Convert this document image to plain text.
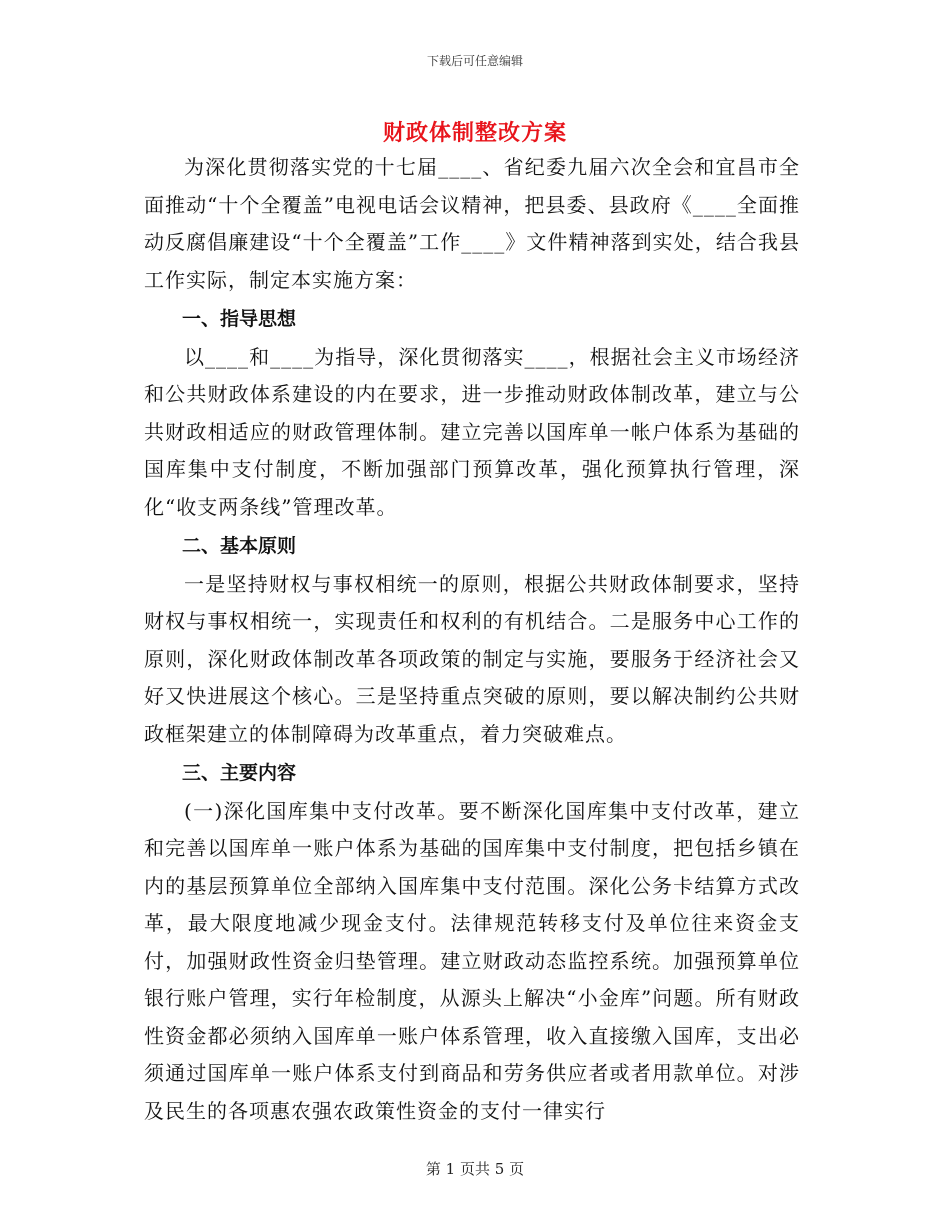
下载后可任意编辑
财政体制整改方案

为深化贯彻落实党的十七届____、省纪委九届六次全会和宜昌市全面推动“十个全覆盖”电视电话会议精神，把县委、县政府《____全面推动反腐倡廉建设“十个全覆盖”工作____》文件精神落到实处，结合我县工作实际，制定本实施方案：

一、指导思想

以____和____为指导，深化贯彻落实____，根据社会主义市场经济和公共财政体系建设的内在要求，进一步推动财政体制改革，建立与公共财政相适应的财政管理体制。建立完善以国库单一帐户体系为基础的国库集中支付制度，不断加强部门预算改革，强化预算执行管理，深化“收支两条线”管理改革。

二、基本原则

一是坚持财权与事权相统一的原则，根据公共财政体制要求，坚持财权与事权相统一，实现责任和权利的有机结合。二是服务中心工作的原则，深化财政体制改革各项政策的制定与实施，要服务于经济社会又好又快进展这个核心。三是坚持重点突破的原则，要以解决制约公共财政框架建立的体制障碍为改革重点，着力突破难点。

三、主要内容

(一)深化国库集中支付改革。要不断深化国库集中支付改革，建立和完善以国库单一账户体系为基础的国库集中支付制度，把包括乡镇在内的基层预算单位全部纳入国库集中支付范围。深化公务卡结算方式改革，最大限度地减少现金支付。法律规范转移支付及单位往来资金支付，加强财政性资金归垫管理。建立财政动态监控系统。加强预算单位银行账户管理，实行年检制度，从源头上解决“小金库”问题。所有财政性资金都必须纳入国库单一账户体系管理，收入直接缴入国库，支出必须通过国库单一账户体系支付到商品和劳务供应者或者用款单位。对涉及民生的各项惠农强农政策性资金的支付一律实行

第 1 页共 5 页
